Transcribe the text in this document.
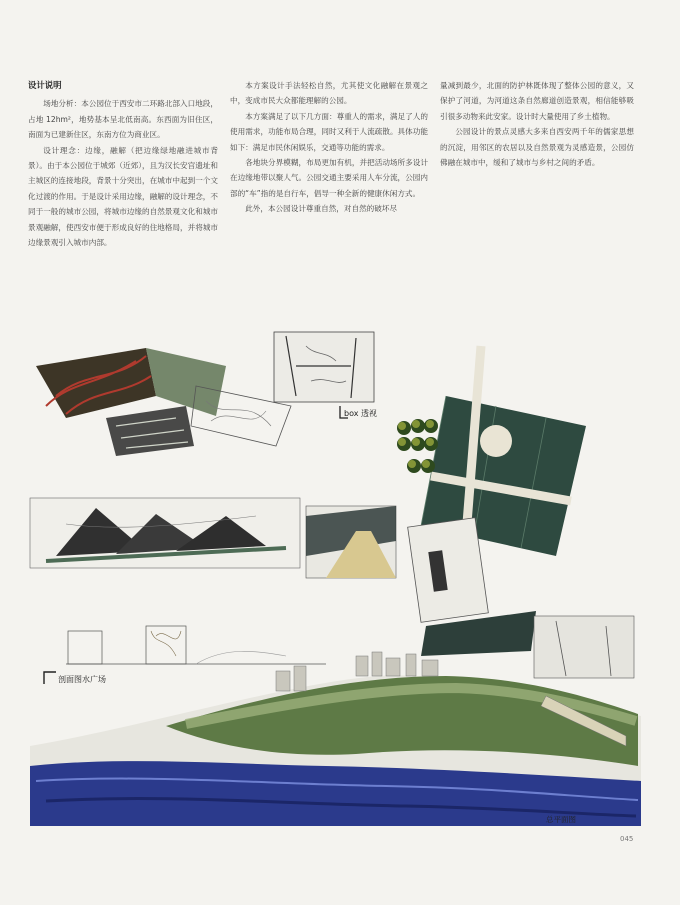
设计说明

场地分析：本公园位于西安市二环路北部入口地段，占地 12hm²，地势基本呈北低南高。东西面为旧住区，南面为已建新住区，东南方位为商业区。

设计理念：边缘，融解（把边缘绿地融进城市背景）。由于本公园位于城郊（近郊），且为汉长安宫遗址和主城区的连接地段，背景十分突出，在城市中起到一个文化过渡的作用。于是设计采用边缘，融解的设计理念，不同于一般的城市公园，将城市边缘的自然景观文化和城市景观融解，使西安市便于形成良好的住地格局，并将城市边缘景观引入城市内部。

本方案设计手法轻松自然，尤其使文化融解在景观之中，变成市民大众都能理解的公园。

本方案满足了以下几方面：尊重人的需求，满足了人的使用需求，功能布局合理，同时又利于人流疏散。具体功能如下：满足市民休闲娱乐，交通等功能的需求。

各地块分界模糊，布局更加有机，并把活动场所多设计在边缘地带以聚人气。公园交通主要采用人车分流，公园内部的“车”指的是自行车，倡导一种全新的健康休闲方式。

此外，本公园设计尊重自然，对自然的破坏尽

量减到最少，北面的防护林既体现了整体公园的意义，又保护了河道，为河道这条自然廊道创造景观，相信能够吸引很多动物来此安家。设计时大量使用了乡土植物。

公园设计的景点灵感大多来自西安两千年的儒家思想的沉淀，用邻区的农居以及自然景观为灵感造景，公园仿佛融在城市中，缓和了城市与乡村之间的矛盾。

box 透视
剖面图水广场
总平面图
045
